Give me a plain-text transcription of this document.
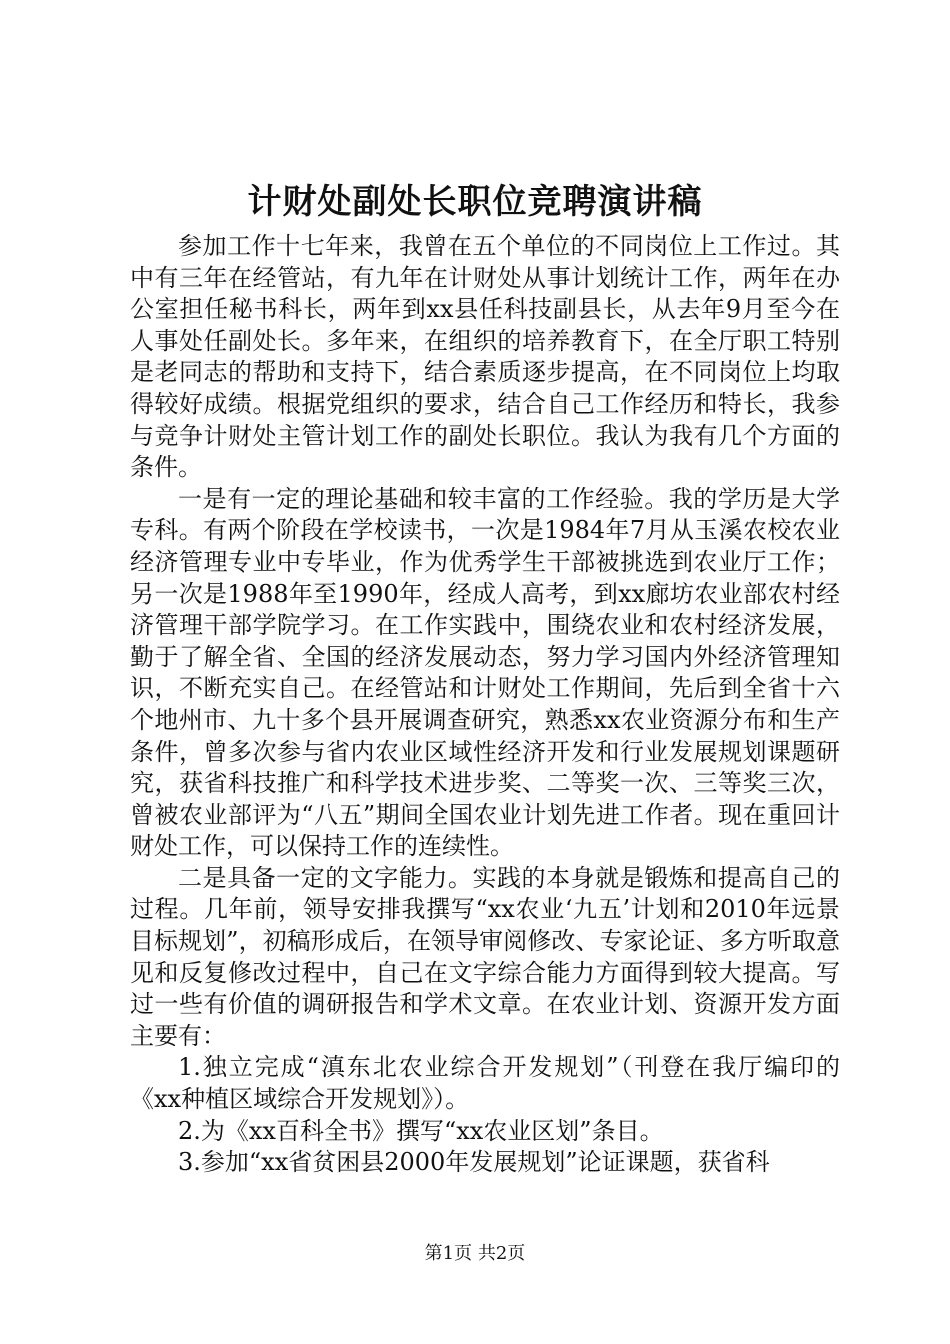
计财处副处长职位竞聘演讲稿

参加工作十七年来，我曾在五个单位的不同岗位上工作过。其中有三年在经管站，有九年在计财处从事计划统计工作，两年在办公室担任秘书科长，两年到xx县任科技副县长，从去年9月至今在人事处任副处长。多年来，在组织的培养教育下，在全厅职工特别是老同志的帮助和支持下，结合素质逐步提高，在不同岗位上均取得较好成绩。根据党组织的要求，结合自己工作经历和特长，我参与竞争计财处主管计划工作的副处长职位。我认为我有几个方面的条件。

一是有一定的理论基础和较丰富的工作经验。我的学历是大学专科。有两个阶段在学校读书，一次是1984年7月从玉溪农校农业经济管理专业中专毕业，作为优秀学生干部被挑选到农业厅工作；另一次是1988年至1990年，经成人高考，到xx廊坊农业部农村经济管理干部学院学习。在工作实践中，围绕农业和农村经济发展，勤于了解全省、全国的经济发展动态，努力学习国内外经济管理知识，不断充实自己。在经管站和计财处工作期间，先后到全省十六个地州市、九十多个县开展调查研究，熟悉xx农业资源分布和生产条件，曾多次参与省内农业区域性经济开发和行业发展规划课题研究，获省科技推广和科学技术进步奖、二等奖一次、三等奖三次，曾被农业部评为“八五”期间全国农业计划先进工作者。现在重回计财处工作，可以保持工作的连续性。

二是具备一定的文字能力。实践的本身就是锻炼和提高自己的过程。几年前，领导安排我撰写“xx农业‘九五’计划和2010年远景目标规划”，初稿形成后，在领导审阅修改、专家论证、多方听取意见和反复修改过程中，自己在文字综合能力方面得到较大提高。写过一些有价值的调研报告和学术文章。在农业计划、资源开发方面主要有：

1.独立完成“滇东北农业综合开发规划”（刊登在我厅编印的《xx种植区域综合开发规划》）。

2.为《xx百科全书》撰写“xx农业区划”条目。

3.参加“xx省贫困县2000年发展规划”论证课题，获省科

第1页 共2页
